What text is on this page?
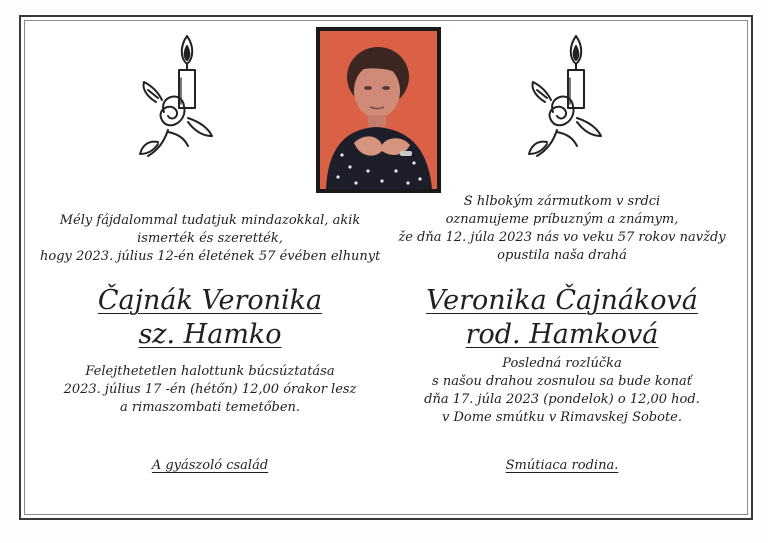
Mély fájdalommal tudatjuk mindazokkal, akik
ismerték és szerették,
hogy 2023. július 12-én életének 57 évében elhunyt
Čajnák Veronika
sz. Hamko
Felejthetetlen halottunk búcsúztatása
2023. július 17 -én (hétőn) 12,00 órakor lesz
a rimaszombati temetőben.
A gyászoló család
S hlbokým zármutkom v srdci
oznamujeme príbuzným a známym,
že dňa 12. júla 2023 nás vo veku 57 rokov navždy
opustila naša drahá
Veronika Čajnáková
rod. Hamková
Posledná rozlúčka
s našou drahou zosnulou sa bude konať
dňa 17. júla 2023 (pondelok) o 12,00 hod.
v Dome smútku v Rimavskej Sobote.
Smútiaca rodina.
